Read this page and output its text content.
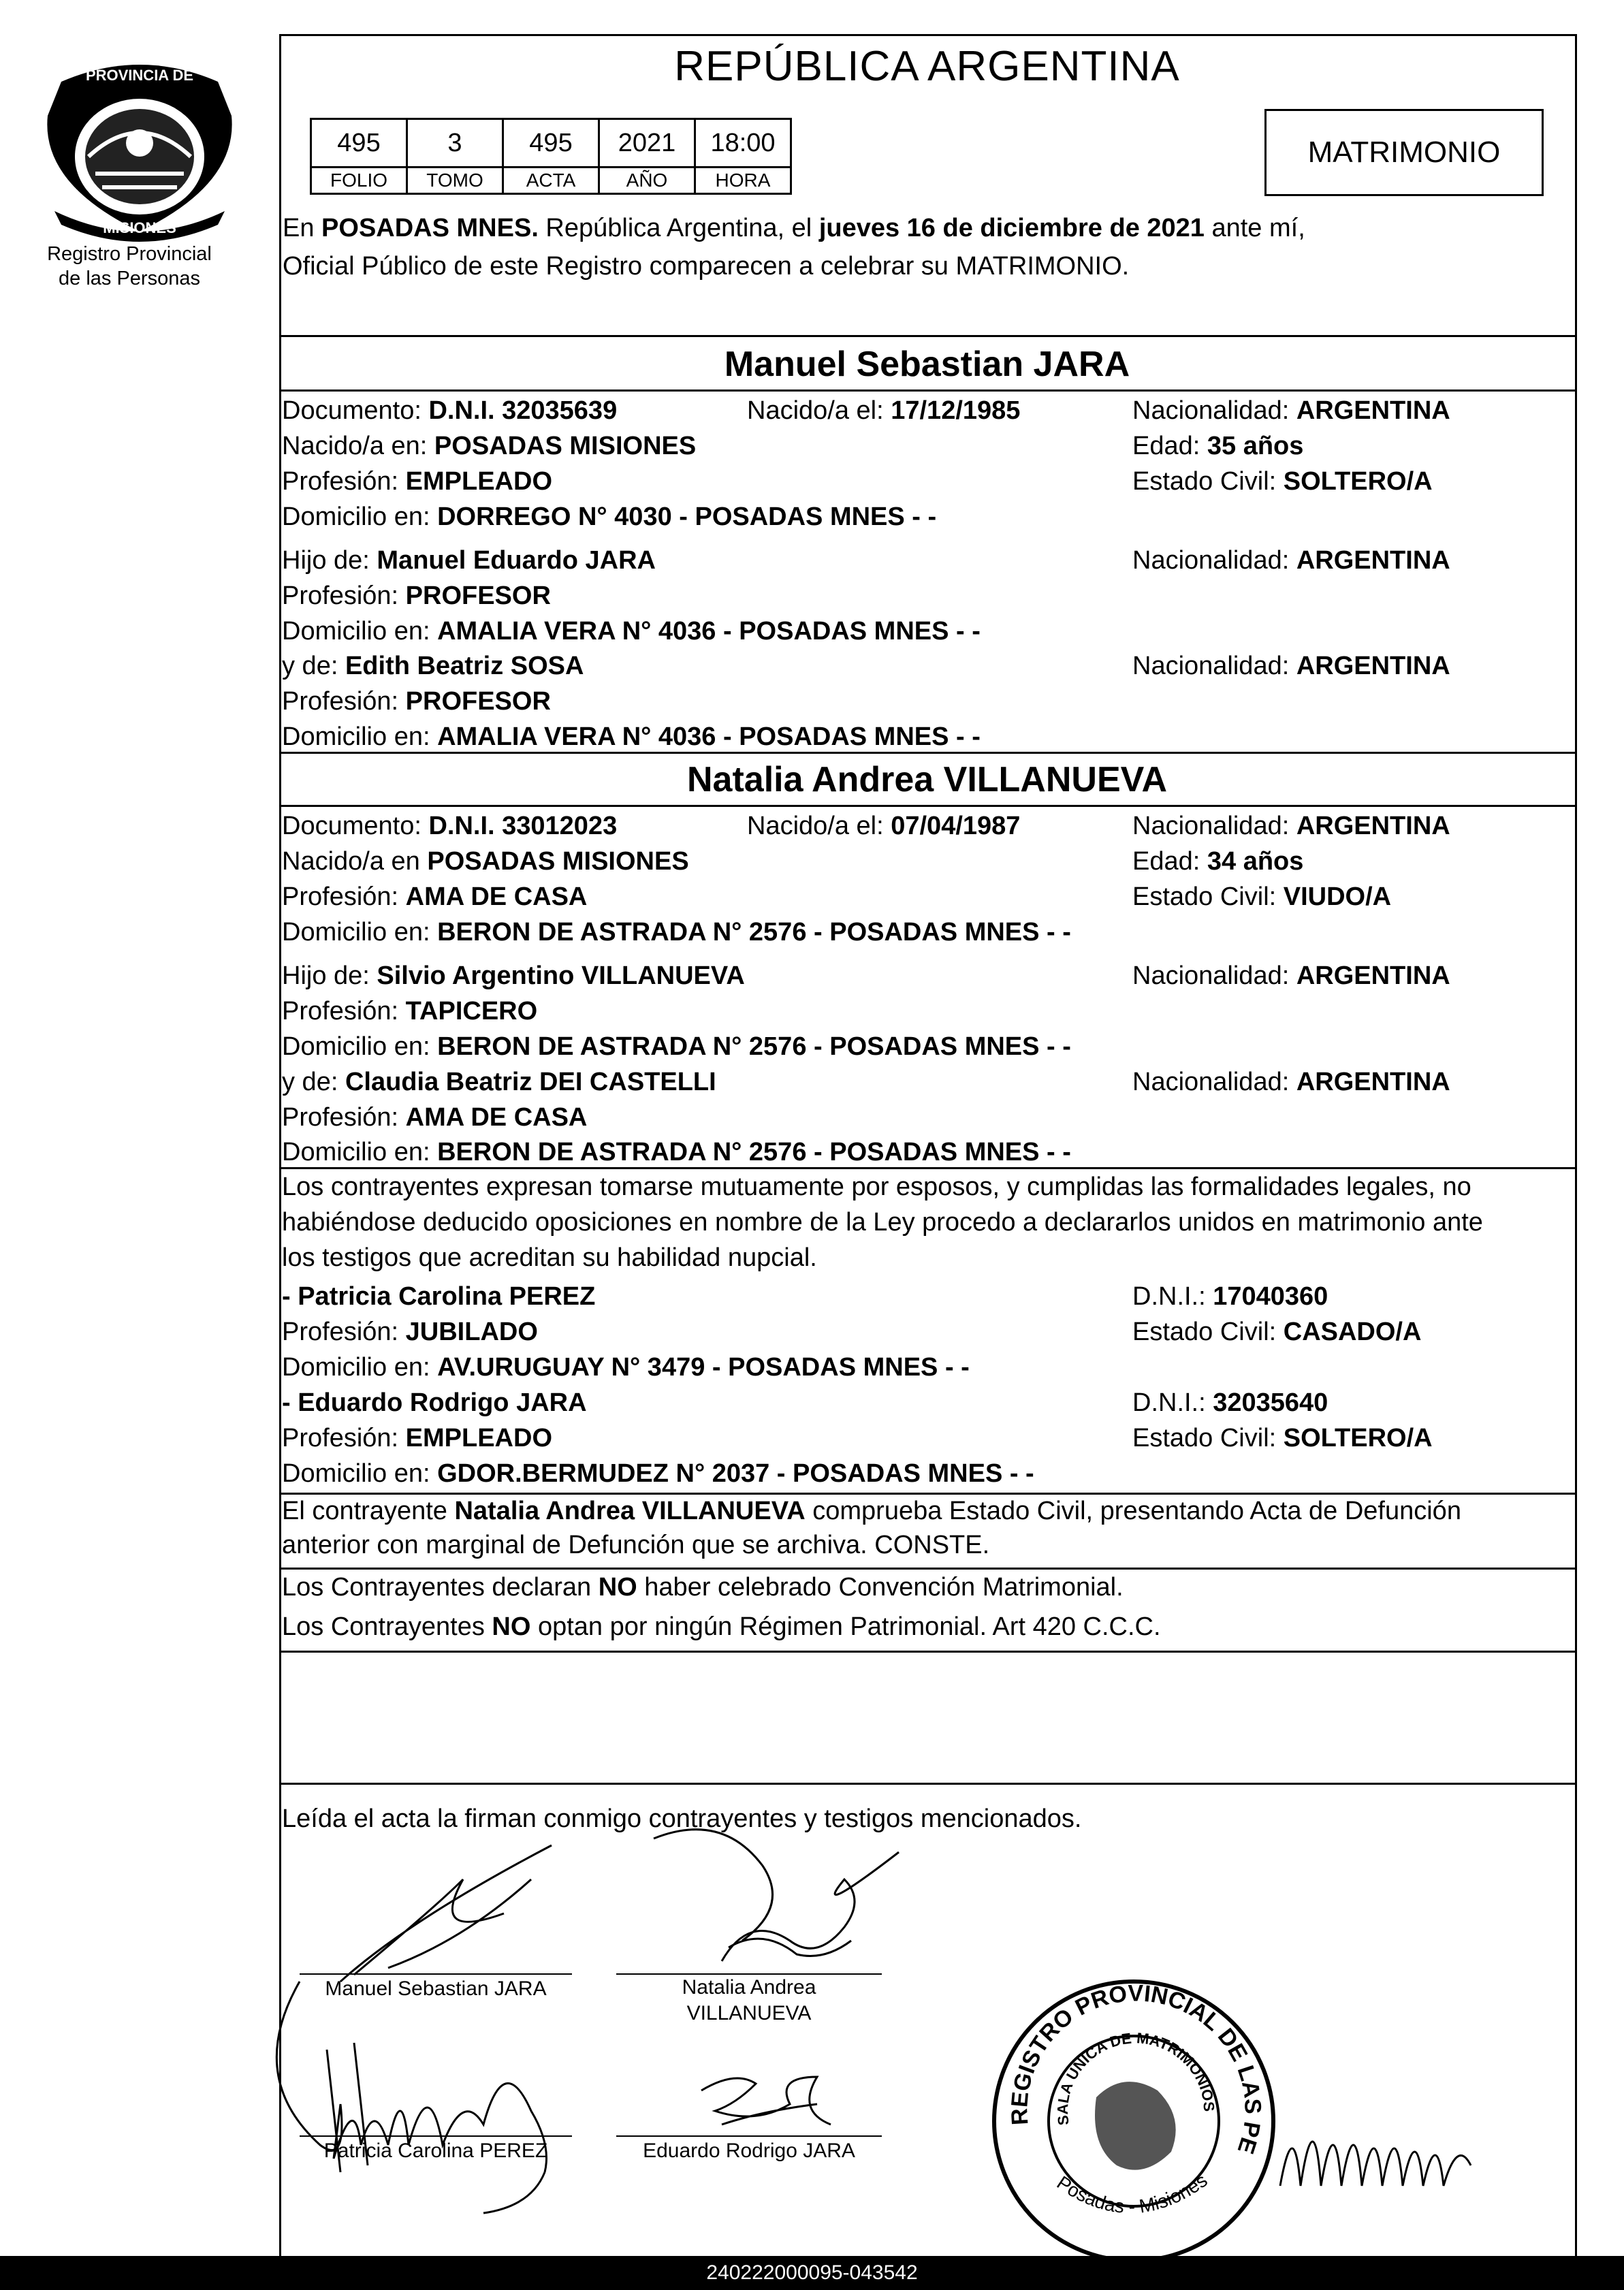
PROVINCIA DE
MISIONES
Registro Provincial
de las Personas
REPÚBLICA ARGENTINA
495	3	495	2021	18:00
FOLIO	TOMO	ACTA	AÑO	HORA
MATRIMONIO
En POSADAS MNES. República Argentina, el jueves 16 de diciembre de 2021 ante mí,
Oficial Público de este Registro comparecen a celebrar su MATRIMONIO.
Manuel Sebastian JARA
Documento: D.N.I. 32035639	Nacido/a el: 17/12/1985	Nacionalidad: ARGENTINA
Nacido/a en: POSADAS MISIONES	Edad: 35 años
Profesión: EMPLEADO	Estado Civil: SOLTERO/A
Domicilio en: DORREGO N° 4030 - POSADAS MNES - -
Hijo de: Manuel Eduardo JARA	Nacionalidad: ARGENTINA
Profesión: PROFESOR
Domicilio en: AMALIA VERA N° 4036 - POSADAS MNES - -
y de: Edith Beatriz SOSA	Nacionalidad: ARGENTINA
Profesión: PROFESOR
Domicilio en: AMALIA VERA N° 4036 - POSADAS MNES - -
Natalia Andrea VILLANUEVA
Documento: D.N.I. 33012023	Nacido/a el: 07/04/1987	Nacionalidad: ARGENTINA
Nacido/a en POSADAS MISIONES	Edad: 34 años
Profesión: AMA DE CASA	Estado Civil: VIUDO/A
Domicilio en: BERON DE ASTRADA N° 2576 - POSADAS MNES - -
Hijo de: Silvio Argentino VILLANUEVA	Nacionalidad: ARGENTINA
Profesión: TAPICERO
Domicilio en: BERON DE ASTRADA N° 2576 - POSADAS MNES - -
y de: Claudia Beatriz DEI CASTELLI	Nacionalidad: ARGENTINA
Profesión: AMA DE CASA
Domicilio en: BERON DE ASTRADA N° 2576 - POSADAS MNES - -
Los contrayentes expresan tomarse mutuamente por esposos, y cumplidas las formalidades legales, no
habiéndose deducido oposiciones en nombre de la Ley procedo a declararlos unidos en matrimonio ante
los testigos que acreditan su habilidad nupcial.
- Patricia Carolina PEREZ	D.N.I.: 17040360
Profesión: JUBILADO	Estado Civil: CASADO/A
Domicilio en: AV.URUGUAY N° 3479 - POSADAS MNES - -
- Eduardo Rodrigo JARA	D.N.I.: 32035640
Profesión: EMPLEADO	Estado Civil: SOLTERO/A
Domicilio en: GDOR.BERMUDEZ N° 2037 - POSADAS MNES - -
El contrayente Natalia Andrea VILLANUEVA comprueba Estado Civil, presentando Acta de Defunción
anterior con marginal de Defunción que se archiva. CONSTE.
Los Contrayentes declaran NO haber celebrado Convención Matrimonial.
Los Contrayentes NO optan por ningún Régimen Patrimonial. Art 420 C.C.C.
Leída el acta la firman conmigo contrayentes y testigos mencionados.
Manuel Sebastian JARA	Natalia Andrea
VILLANUEVA
Patricia Carolina PEREZ	Eduardo Rodrigo JARA
REGISTRO PROVINCIAL DE LAS PERSONAS
SALA UNICA DE MATRIMONIOS
Posadas - Misiones
240222000095-043542
